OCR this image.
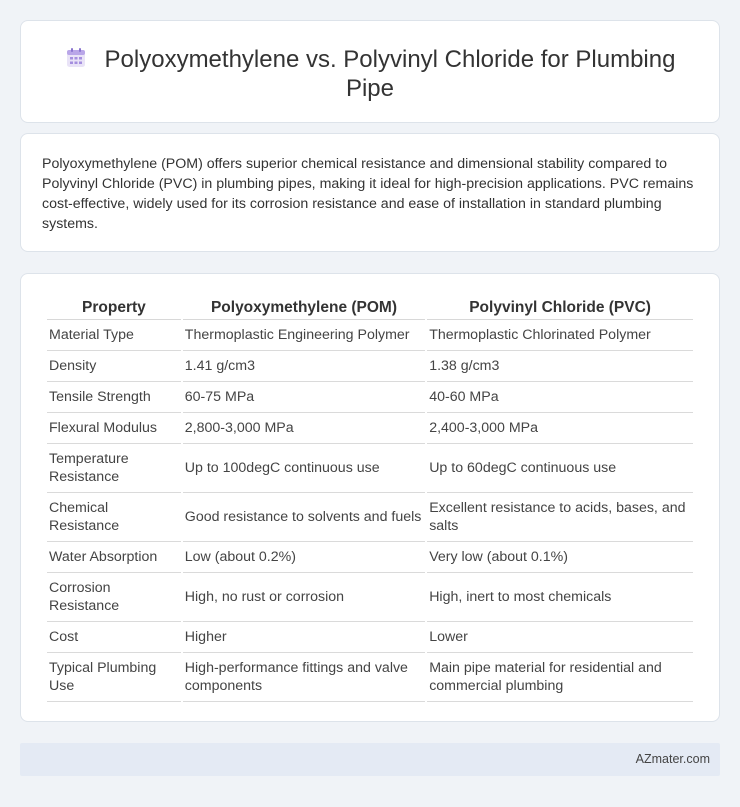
Polyoxymethylene vs. Polyvinyl Chloride for Plumbing Pipe

Polyoxymethylene (POM) offers superior chemical resistance and dimensional stability compared to Polyvinyl Chloride (PVC) in plumbing pipes, making it ideal for high-precision applications. PVC remains cost-effective, widely used for its corrosion resistance and ease of installation in standard plumbing systems.

Property	Polyoxymethylene (POM)	Polyvinyl Chloride (PVC)
Material Type	Thermoplastic Engineering Polymer	Thermoplastic Chlorinated Polymer
Density	1.41 g/cm3	1.38 g/cm3
Tensile Strength	60-75 MPa	40-60 MPa
Flexural Modulus	2,800-3,000 MPa	2,400-3,000 MPa
Temperature Resistance	Up to 100degC continuous use	Up to 60degC continuous use
Chemical Resistance	Good resistance to solvents and fuels	Excellent resistance to acids, bases, and salts
Water Absorption	Low (about 0.2%)	Very low (about 0.1%)
Corrosion Resistance	High, no rust or corrosion	High, inert to most chemicals
Cost	Higher	Lower
Typical Plumbing Use	High-performance fittings and valve components	Main pipe material for residential and commercial plumbing
AZmater.com
